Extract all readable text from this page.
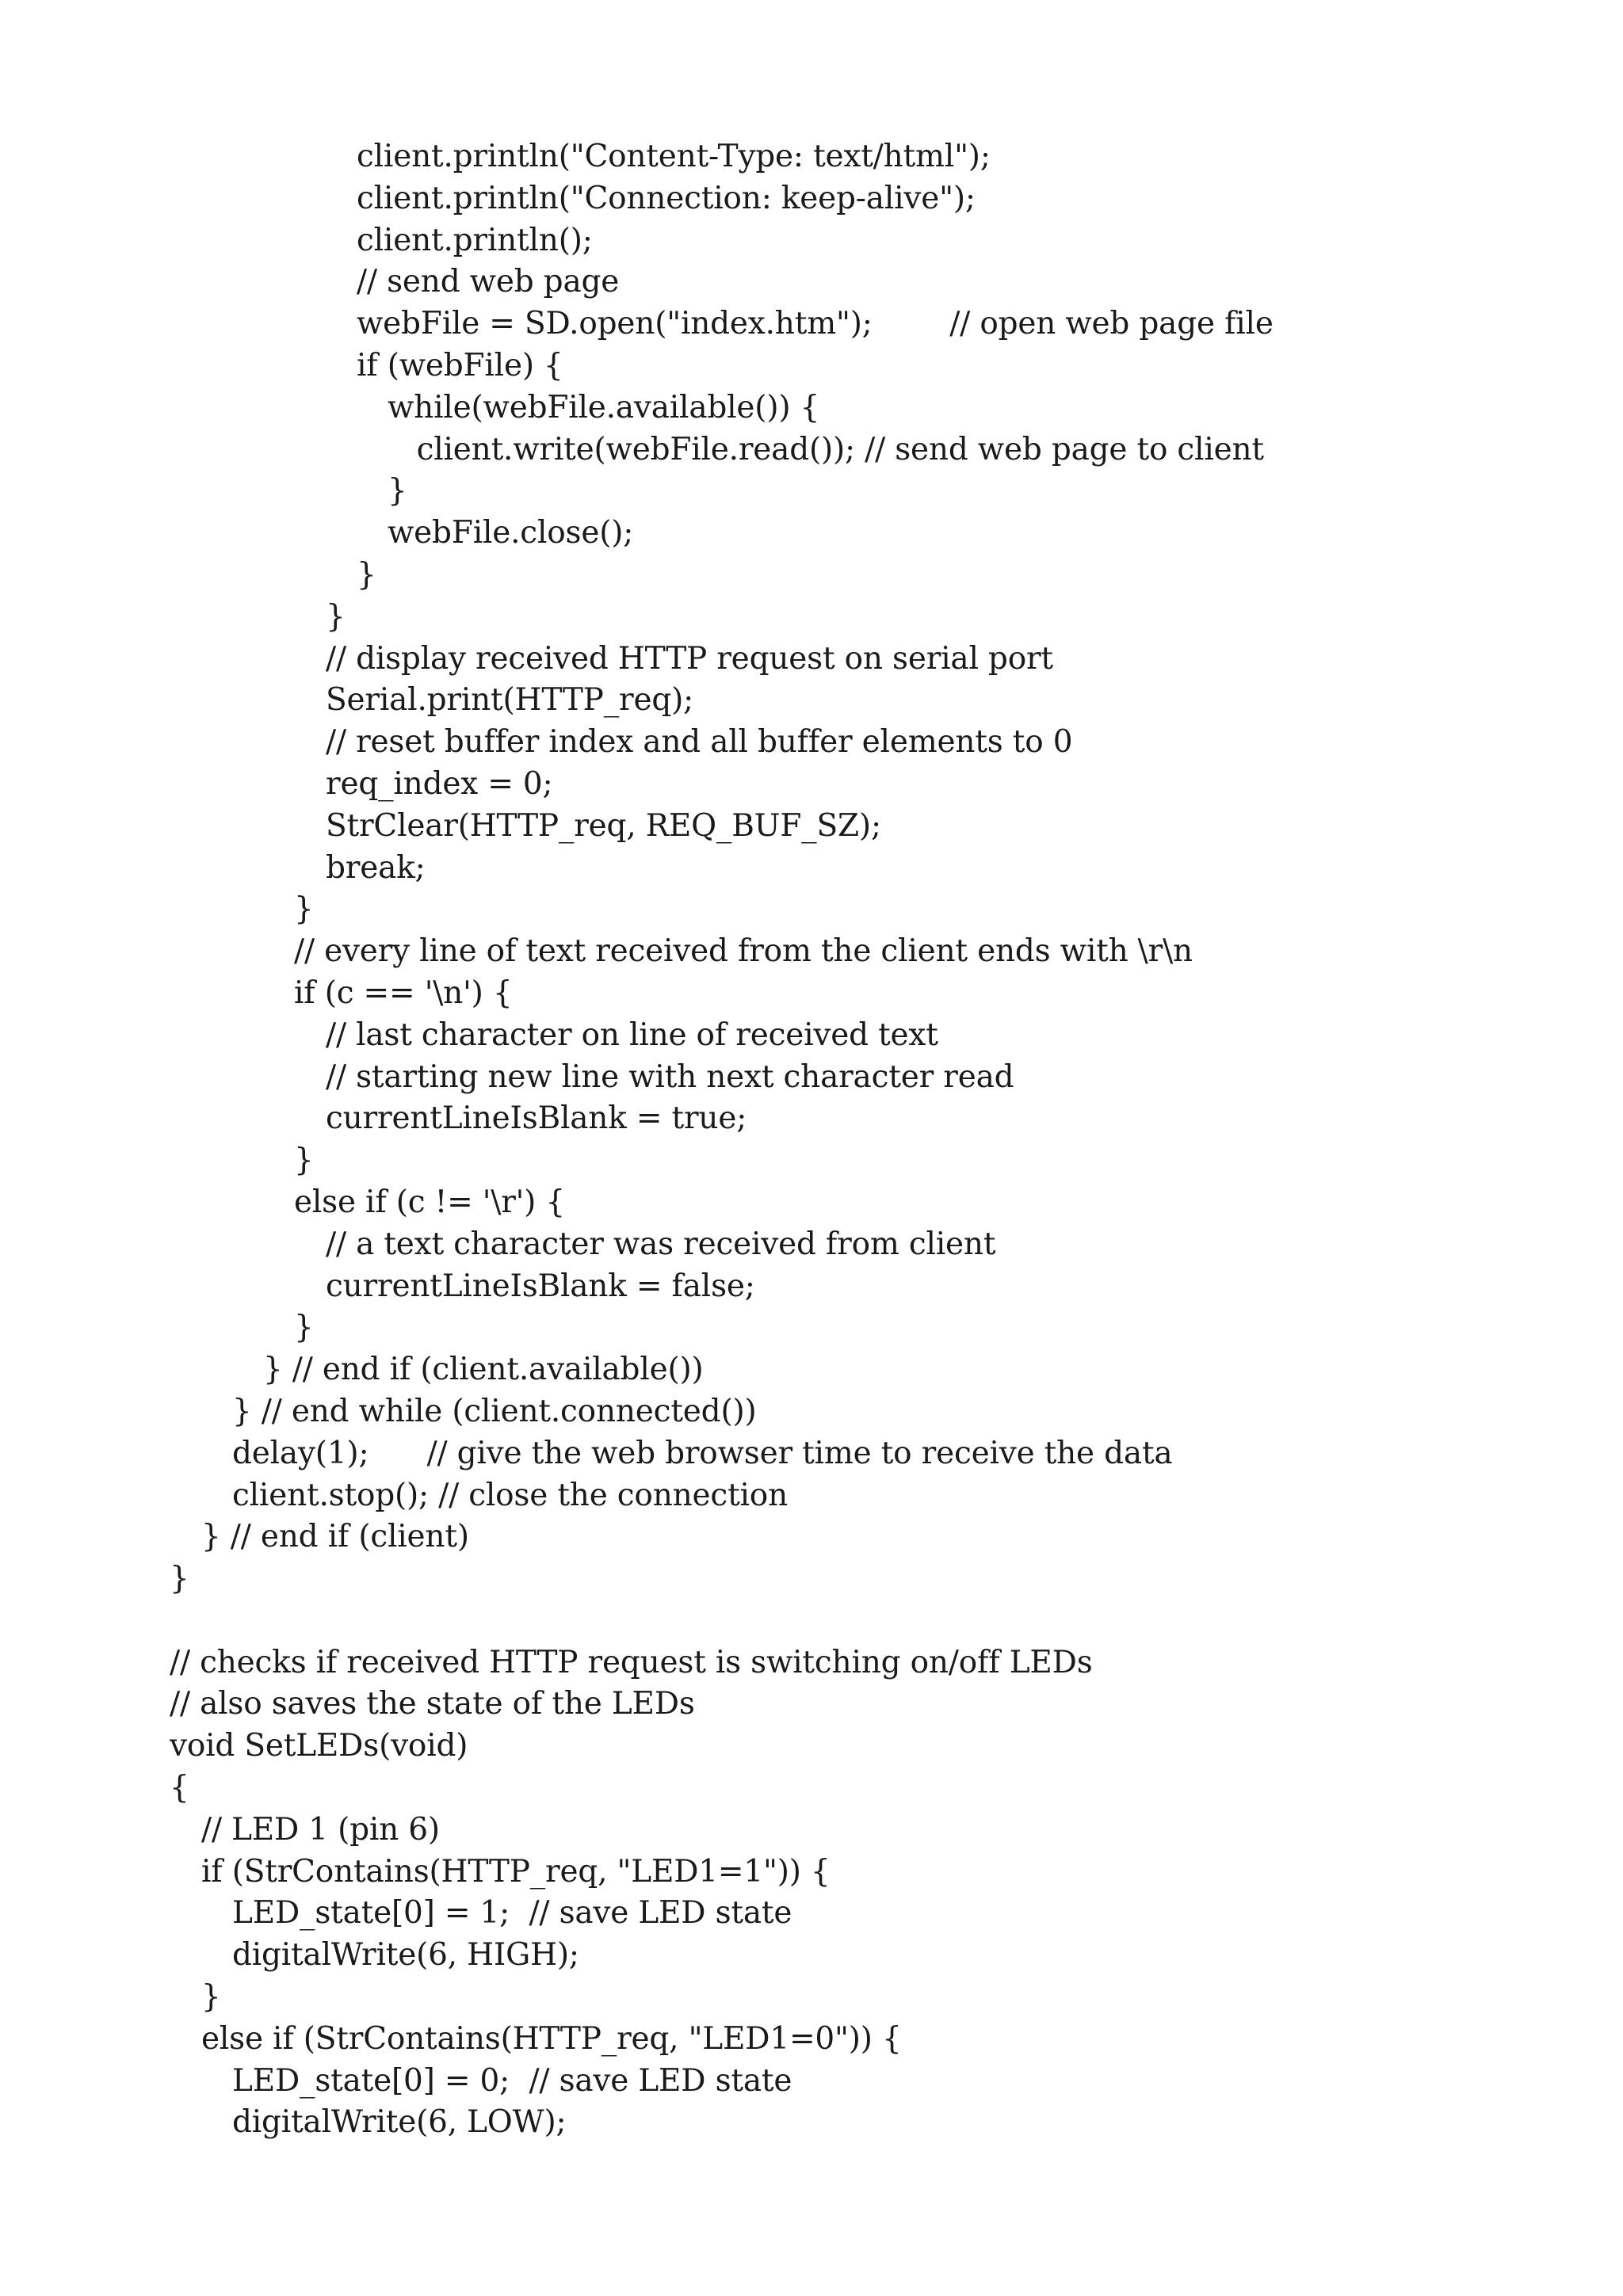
client.println("Content-Type: text/html");
client.println("Connection: keep-alive");
client.println();
// send web page
webFile = SD.open("index.htm");        // open web page file
if (webFile) {
while(webFile.available()) {
client.write(webFile.read()); // send web page to client
}
webFile.close();
}
}
// display received HTTP request on serial port
Serial.print(HTTP_req);
// reset buffer index and all buffer elements to 0
req_index = 0;
StrClear(HTTP_req, REQ_BUF_SZ);
break;
}
// every line of text received from the client ends with \r\n
if (c == '\n') {
// last character on line of received text
// starting new line with next character read
currentLineIsBlank = true;
}
else if (c != '\r') {
// a text character was received from client
currentLineIsBlank = false;
}
} // end if (client.available())
} // end while (client.connected())
delay(1);      // give the web browser time to receive the data
client.stop(); // close the connection
} // end if (client)
}
// checks if received HTTP request is switching on/off LEDs
// also saves the state of the LEDs
void SetLEDs(void)
{
// LED 1 (pin 6)
if (StrContains(HTTP_req, "LED1=1")) {
LED_state[0] = 1;  // save LED state
digitalWrite(6, HIGH);
}
else if (StrContains(HTTP_req, "LED1=0")) {
LED_state[0] = 0;  // save LED state
digitalWrite(6, LOW);
